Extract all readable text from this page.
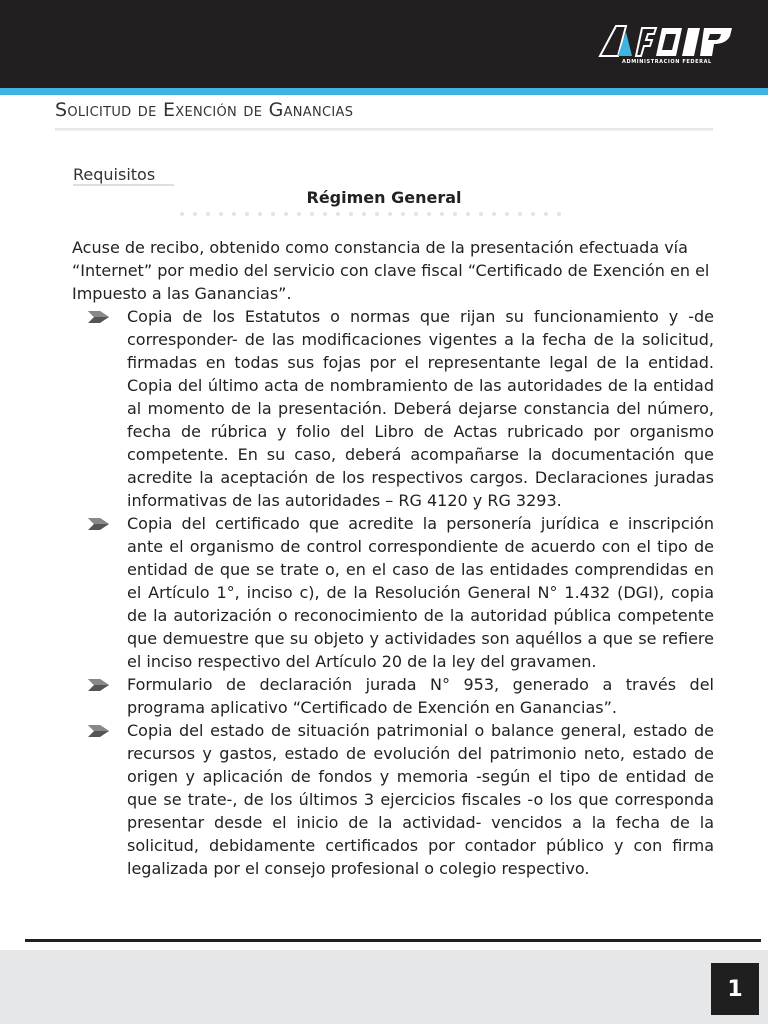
ADMINISTRACION FEDERAL
Solicitud de Exención de Ganancias
Requisitos
Régimen General

Acuse de recibo, obtenido como constancia de la presentación efectuada vía “Internet” por medio del servicio con clave fiscal “Certificado de Exención en el Impuesto a las Ganancias”.

Copia de los Estatutos o normas que rijan su funcionamiento y -de corresponder- de las modificaciones vigentes a la fecha de la solicitud, firmadas en todas sus fojas por el representante legal de la entidad. Copia del último acta de nombramiento de las autoridades de la entidad al momento de la presentación. Deberá dejarse constancia del número, fecha de rúbrica y folio del Libro de Actas rubricado por organismo competente. En su caso, deberá acompañarse la documentación que acredite la aceptación de los respectivos cargos. Declaraciones juradas informativas de las autoridades – RG 4120 y RG 3293.
Copia del certificado que acredite la personería jurídica e inscripción ante el organismo de control correspondiente de acuerdo con el tipo de entidad de que se trate o, en el caso de las entidades comprendidas en el Artículo 1°, inciso c), de la Resolución General N° 1.432 (DGI), copia de la autorización o reconocimiento de la autoridad pública competente que demuestre que su objeto y actividades son aquéllos a que se refiere el inciso respectivo del Artículo 20 de la ley del gravamen.
Formulario de declaración jurada N° 953, generado a través del programa aplicativo “Certificado de Exención en Ganancias”.
Copia del estado de situación patrimonial o balance general, estado de recursos y gastos, estado de evolución del patrimonio neto, estado de origen y aplicación de fondos y memoria -según el tipo de entidad de que se trate-, de los últimos 3 ejercicios fiscales -o los que corresponda presentar desde el inicio de la actividad- vencidos a la fecha de la solicitud, debidamente certificados por contador público y con firma legalizada por el consejo profesional o colegio respectivo.
1
